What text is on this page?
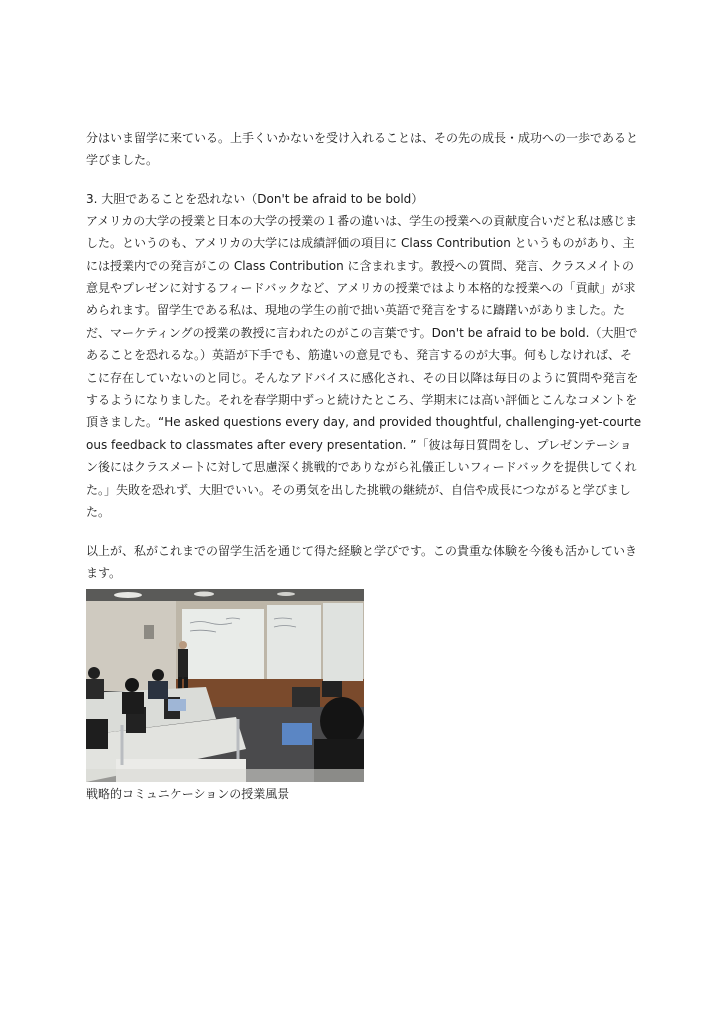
分はいま留学に来ている。上手くいかないを受け入れることは、その先の成長・成功への一歩であると学びました。

3. 大胆であることを恐れない（Don't be afraid to be bold）

アメリカの大学の授業と日本の大学の授業の１番の違いは、学生の授業への貢献度合いだと私は感じました。というのも、アメリカの大学には成績評価の項目に Class Contribution というものがあり、主には授業内での発言がこの Class Contribution に含まれます。教授への質問、発言、クラスメイトの意見やプレゼンに対するフィードバックなど、アメリカの授業ではより本格的な授業への「貢献」が求められます。留学生である私は、現地の学生の前で拙い英語で発言をするに躊躇いがありました。ただ、マーケティングの授業の教授に言われたのがこの言葉です。Don't be afraid to be bold.（大胆であることを恐れるな。）英語が下手でも、筋違いの意見でも、発言するのが大事。何もしなければ、そこに存在していないのと同じ。そんなアドバイスに感化され、その日以降は毎日のように質問や発言をするようになりました。それを春学期中ずっと続けたところ、学期末には高い評価とこんなコメントを頂きました。“He asked questions every day, and provided thoughtful, challenging-yet-courteous feedback to classmates after every presentation. ”「彼は毎日質問をし、プレゼンテーション後にはクラスメートに対して思慮深く挑戦的でありながら礼儀正しいフィードバックを提供してくれた。」失敗を恐れず、大胆でいい。その勇気を出した挑戦の継続が、自信や成長につながると学びました。

以上が、私がこれまでの留学生活を通じて得た経験と学びです。この貴重な体験を今後も活かしていきます。

戦略的コミュニケーションの授業風景
